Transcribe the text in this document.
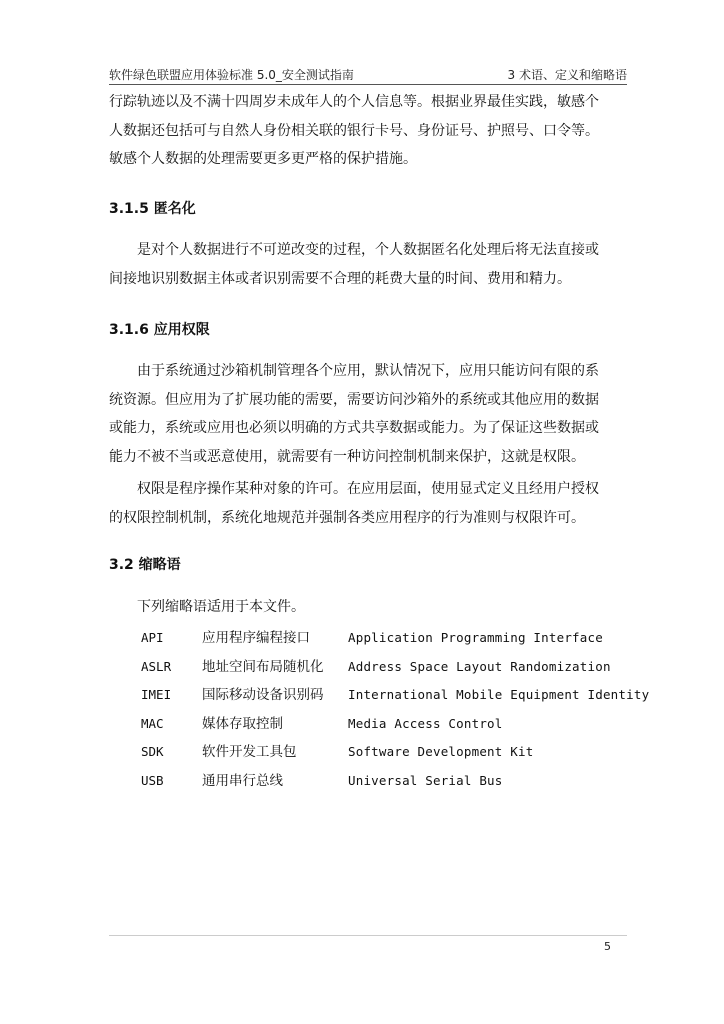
软件绿色联盟应用体验标准 5.0_安全测试指南	3 术语、定义和缩略语
行踪轨迹以及不满十四周岁未成年人的个人信息等。根据业界最佳实践，敏感个
人数据还包括可与自然人身份相关联的银行卡号、身份证号、护照号、口令等。
敏感个人数据的处理需要更多更严格的保护措施。
3.1.5 匿名化
　　是对个人数据进行不可逆改变的过程，个人数据匿名化处理后将无法直接或
间接地识别数据主体或者识别需要不合理的耗费大量的时间、费用和精力。
3.1.6 应用权限
　　由于系统通过沙箱机制管理各个应用，默认情况下，应用只能访问有限的系
统资源。但应用为了扩展功能的需要，需要访问沙箱外的系统或其他应用的数据
或能力，系统或应用也必须以明确的方式共享数据或能力。为了保证这些数据或
能力不被不当或恶意使用，就需要有一种访问控制机制来保护，这就是权限。
　　权限是程序操作某种对象的许可。在应用层面，使用显式定义且经用户授权
的权限控制机制，系统化地规范并强制各类应用程序的行为准则与权限许可。
3.2 缩略语
　　下列缩略语适用于本文件。
API	应用程序编程接口	Application Programming Interface
ASLR 地址空间布局随机化 Address Space Layout Randomization
IMEI 国际移动设备识别码 International Mobile Equipment Identity
MAC	媒体存取控制	Media Access Control
SDK	软件开发工具包	Software Development Kit
USB	通用串行总线	Universal Serial Bus
5
